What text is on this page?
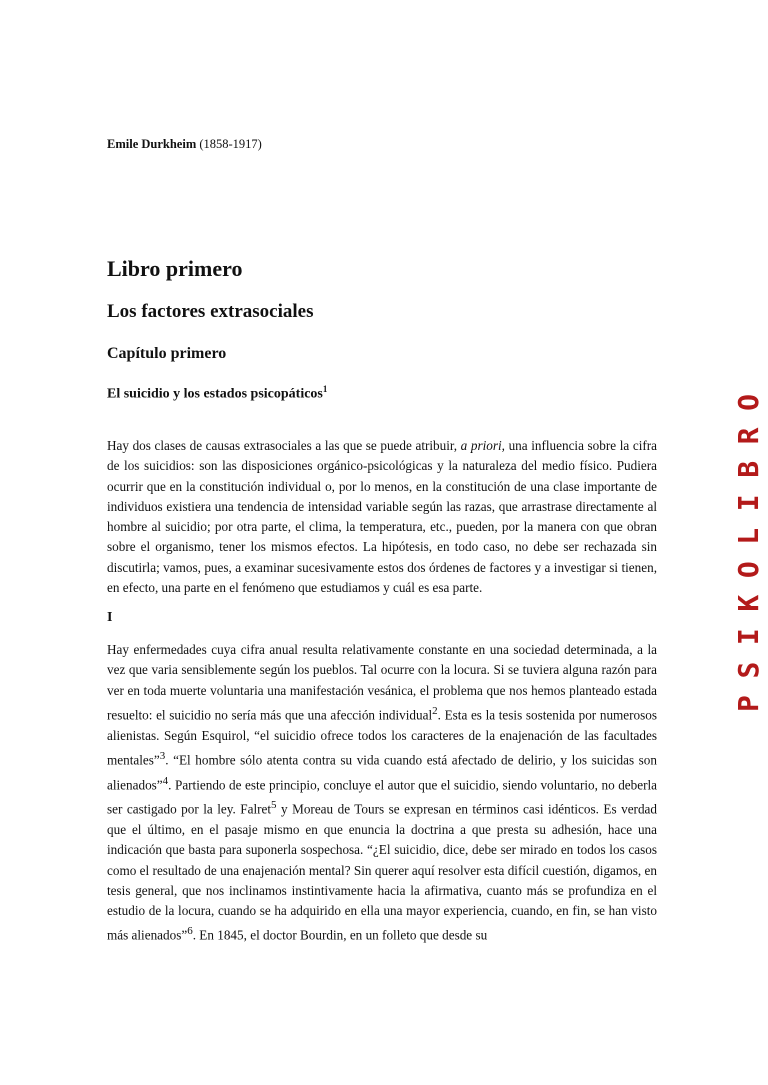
Emile Durkheim (1858-1917)
Libro primero
Los factores extrasociales
Capítulo primero
El suicidio y los estados psicopáticos$^1$

Hay dos clases de causas extrasociales a las que se puede atribuir, a priori, una influencia sobre la cifra de los suicidios: son las disposiciones orgánico-psicológicas y la naturaleza del medio físico. Pudiera ocurrir que en la constitución individual o, por lo menos, en la constitución de una clase importante de individuos existiera una tendencia de intensidad variable según las razas, que arrastrase directamente al hombre al suicidio; por otra parte, el clima, la temperatura, etc., pueden, por la manera con que obran sobre el organismo, tener los mismos efectos. La hipótesis, en todo caso, no debe ser rechazada sin discutirla; vamos, pues, a examinar sucesivamente estos dos órdenes de factores y a investigar si tienen, en efecto, una parte en el fenómeno que estudiamos y cuál es esa parte.

I

Hay enfermedades cuya cifra anual resulta relativamente constante en una sociedad determinada, a la vez que varia sensiblemente según los pueblos. Tal ocurre con la locura. Si se tuviera alguna razón para ver en toda muerte voluntaria una manifestación vesánica, el problema que nos hemos planteado estada resuelto: el suicidio no sería más que una afección individual$^2$. Esta es la tesis sostenida por numerosos alienistas. Según Esquirol, “el suicidio ofrece todos los caracteres de la enajenación de las facultades mentales”$^3$. “El hombre sólo atenta contra su vida cuando está afectado de delirio, y los suicidas son alienados”$^4$. Partiendo de este principio, concluye el autor que el suicidio, siendo voluntario, no deberla ser castigado por la ley. Falret$^5$ y Moreau de Tours se expresan en términos casi idénticos. Es verdad que el último, en el pasaje mismo en que enuncia la doctrina a que presta su adhesión, hace una indicación que basta para suponerla sospechosa. “¿El suicidio, dice, debe ser mirado en todos los casos como el resultado de una enajenación mental? Sin querer aquí resolver esta difícil cuestión, digamos, en tesis general, que nos inclinamos instintivamente hacia la afirmativa, cuanto más se profundiza en el estudio de la locura, cuando se ha adquirido en ella una mayor experiencia, cuando, en fin, se han visto más alienados”$^6$. En 1845, el doctor Bourdin, en un folleto que desde su

PSIKOLIBRO
